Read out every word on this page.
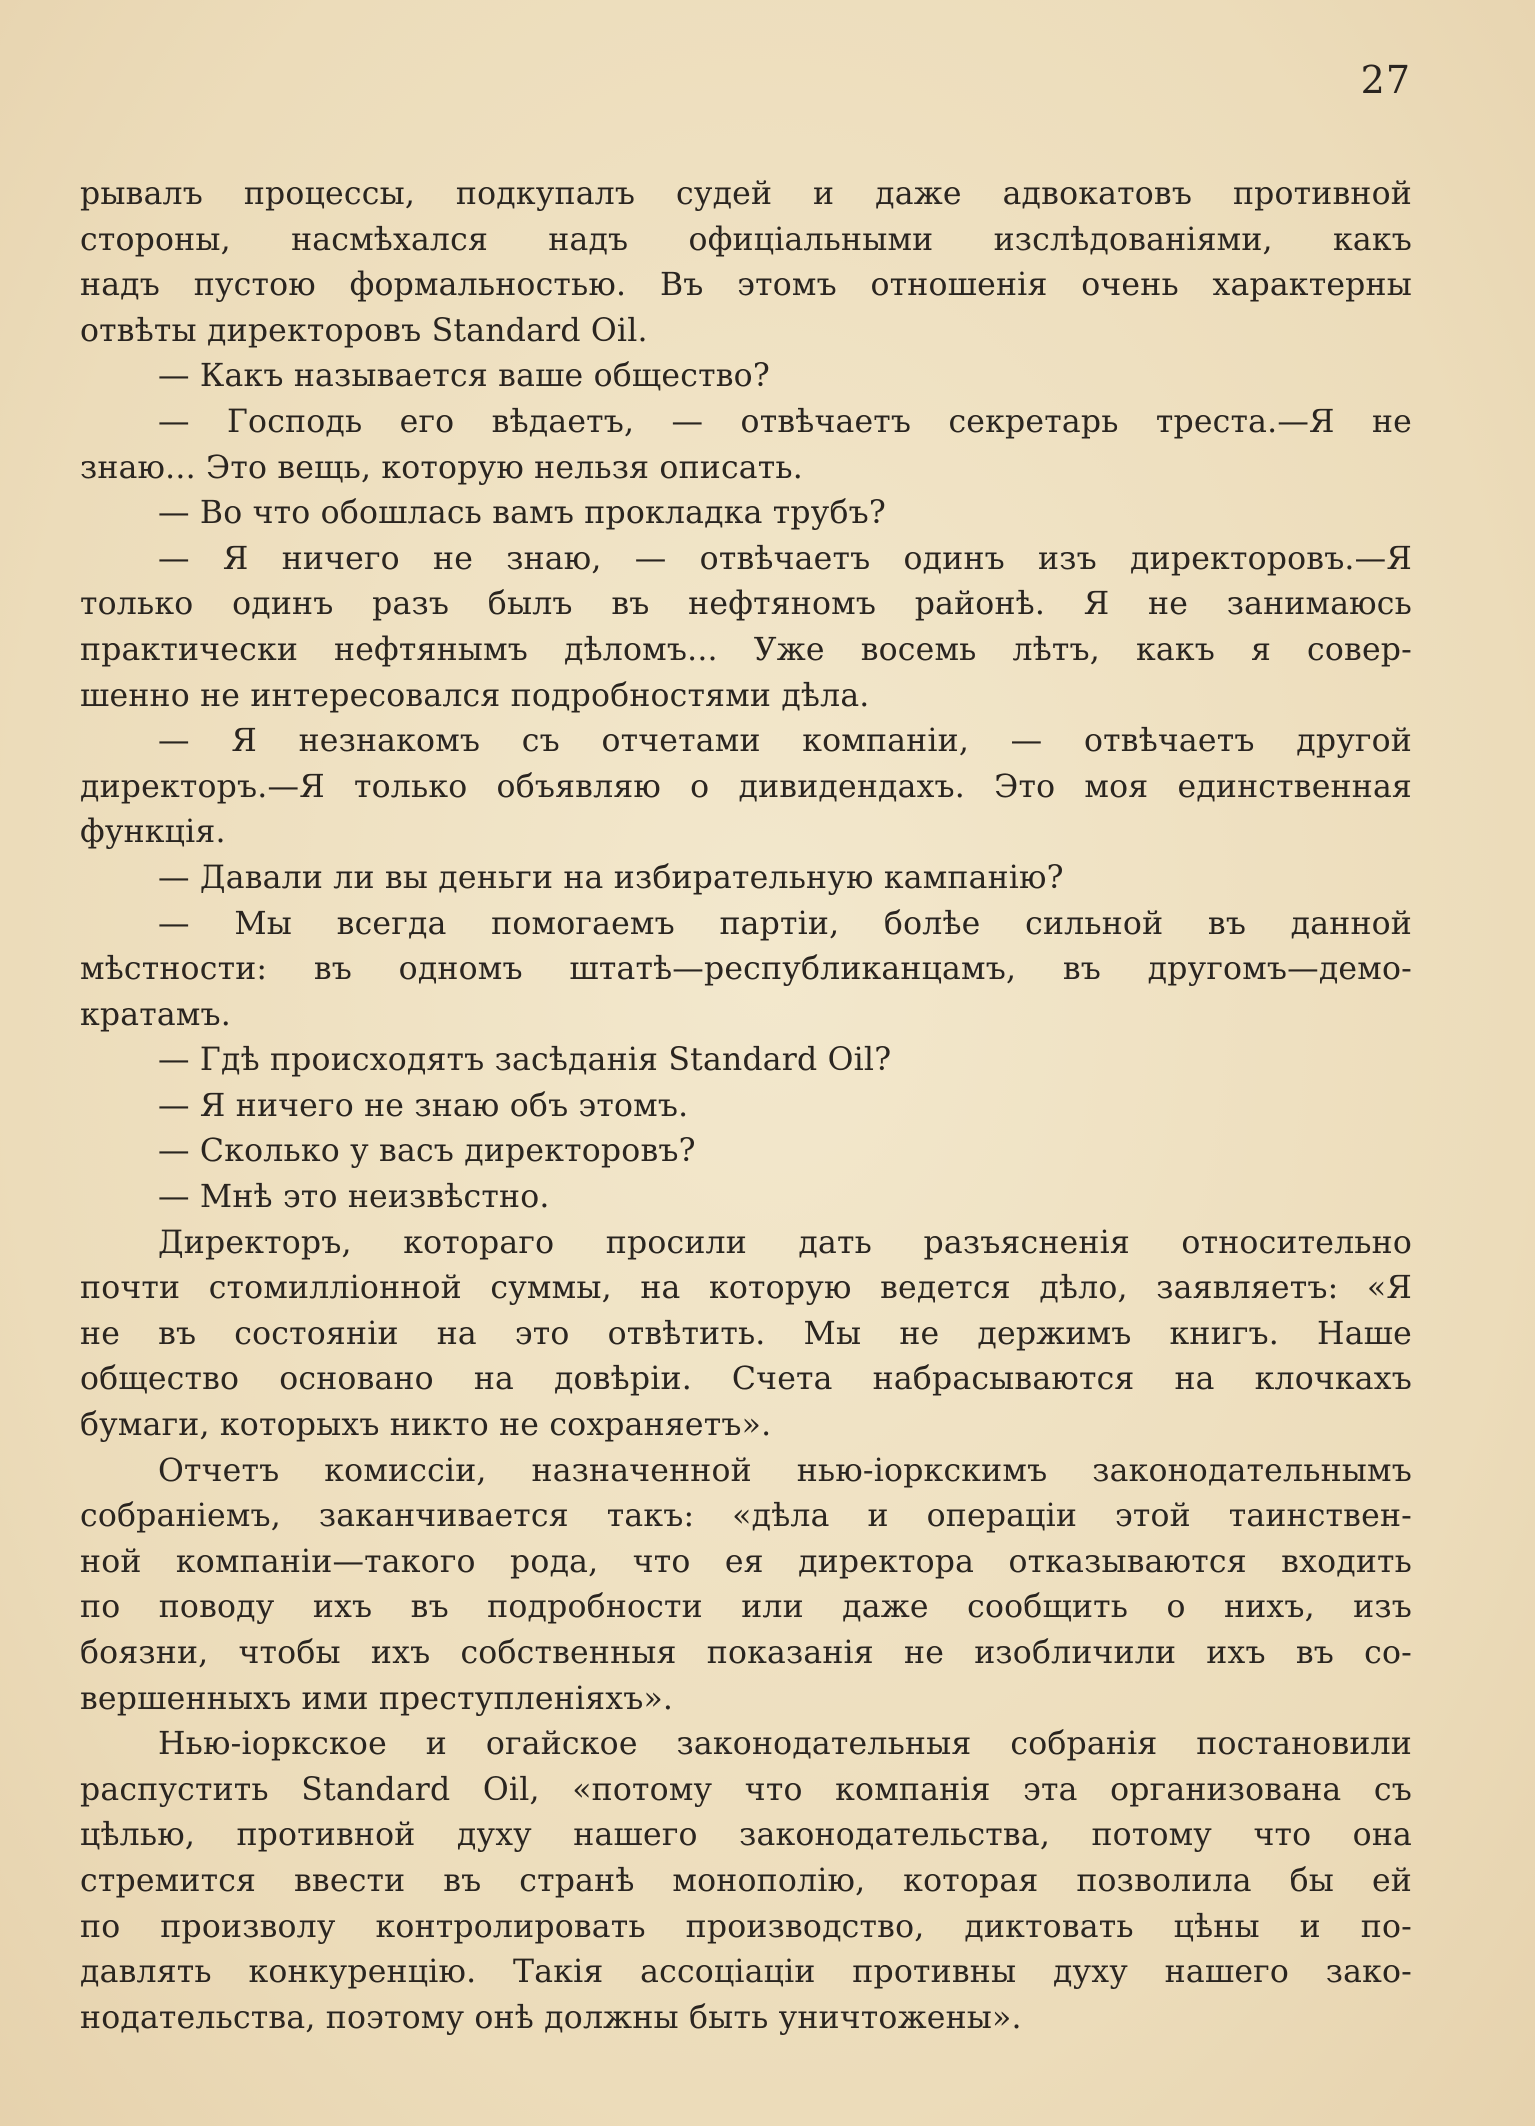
27
рывалъ процессы, подкупалъ судей и даже адвокатовъ противной
стороны, насмѣхался надъ офиціальными изслѣдованіями, какъ
надъ пустою формальностью. Въ этомъ отношенія очень характерны
отвѣты директоровъ Standard Oil.
— Какъ называется ваше общество?
— Господь его вѣдаетъ, — отвѣчаетъ секретарь треста.—Я не
знаю... Это вещь, которую нельзя описать.
— Во что обошлась вамъ прокладка трубъ?
— Я ничего не знаю, — отвѣчаетъ одинъ изъ директоровъ.—Я
только одинъ разъ былъ въ нефтяномъ районѣ. Я не занимаюсь
практически нефтянымъ дѣломъ... Уже восемь лѣтъ, какъ я совер-
шенно не интересовался подробностями дѣла.
— Я незнакомъ съ отчетами компаніи, — отвѣчаетъ другой
директоръ.—Я только объявляю о дивидендахъ. Это моя единственная
функція.
— Давали ли вы деньги на избирательную кампанію?
— Мы всегда помогаемъ партіи, болѣе сильной въ данной
мѣстности: въ одномъ штатѣ—республиканцамъ, въ другомъ—демо-
кратамъ.
— Гдѣ происходятъ засѣданія Standard Oil?
— Я ничего не знаю объ этомъ.
— Сколько у васъ директоровъ?
— Мнѣ это неизвѣстно.
Директоръ, котораго просили дать разъясненія относительно
почти стомилліонной суммы, на которую ведется дѣло, заявляетъ: «Я
не въ состояніи на это отвѣтить. Мы не держимъ книгъ. Наше
общество основано на довѣріи. Счета набрасываются на клочкахъ
бумаги, которыхъ никто не сохраняетъ».
Отчетъ комиссіи, назначенной нью-іоркскимъ законодательнымъ
собраніемъ, заканчивается такъ: «дѣла и операціи этой таинствен-
ной компаніи—такого рода, что ея директора отказываются входить
по поводу ихъ въ подробности или даже сообщить о нихъ, изъ
боязни, чтобы ихъ собственныя показанія не изобличили ихъ въ со-
вершенныхъ ими преступленіяхъ».
Нью-іоркское и огайское законодательныя собранія постановили
распустить Standard Oil, «потому что компанія эта организована съ
цѣлью, противной духу нашего законодательства, потому что она
стремится ввести въ странѣ монополію, которая позволила бы ей
по произволу контролировать производство, диктовать цѣны и по-
давлять конкуренцію. Такія ассоціаціи противны духу нашего зако-
нодательства, поэтому онѣ должны быть уничтожены».
